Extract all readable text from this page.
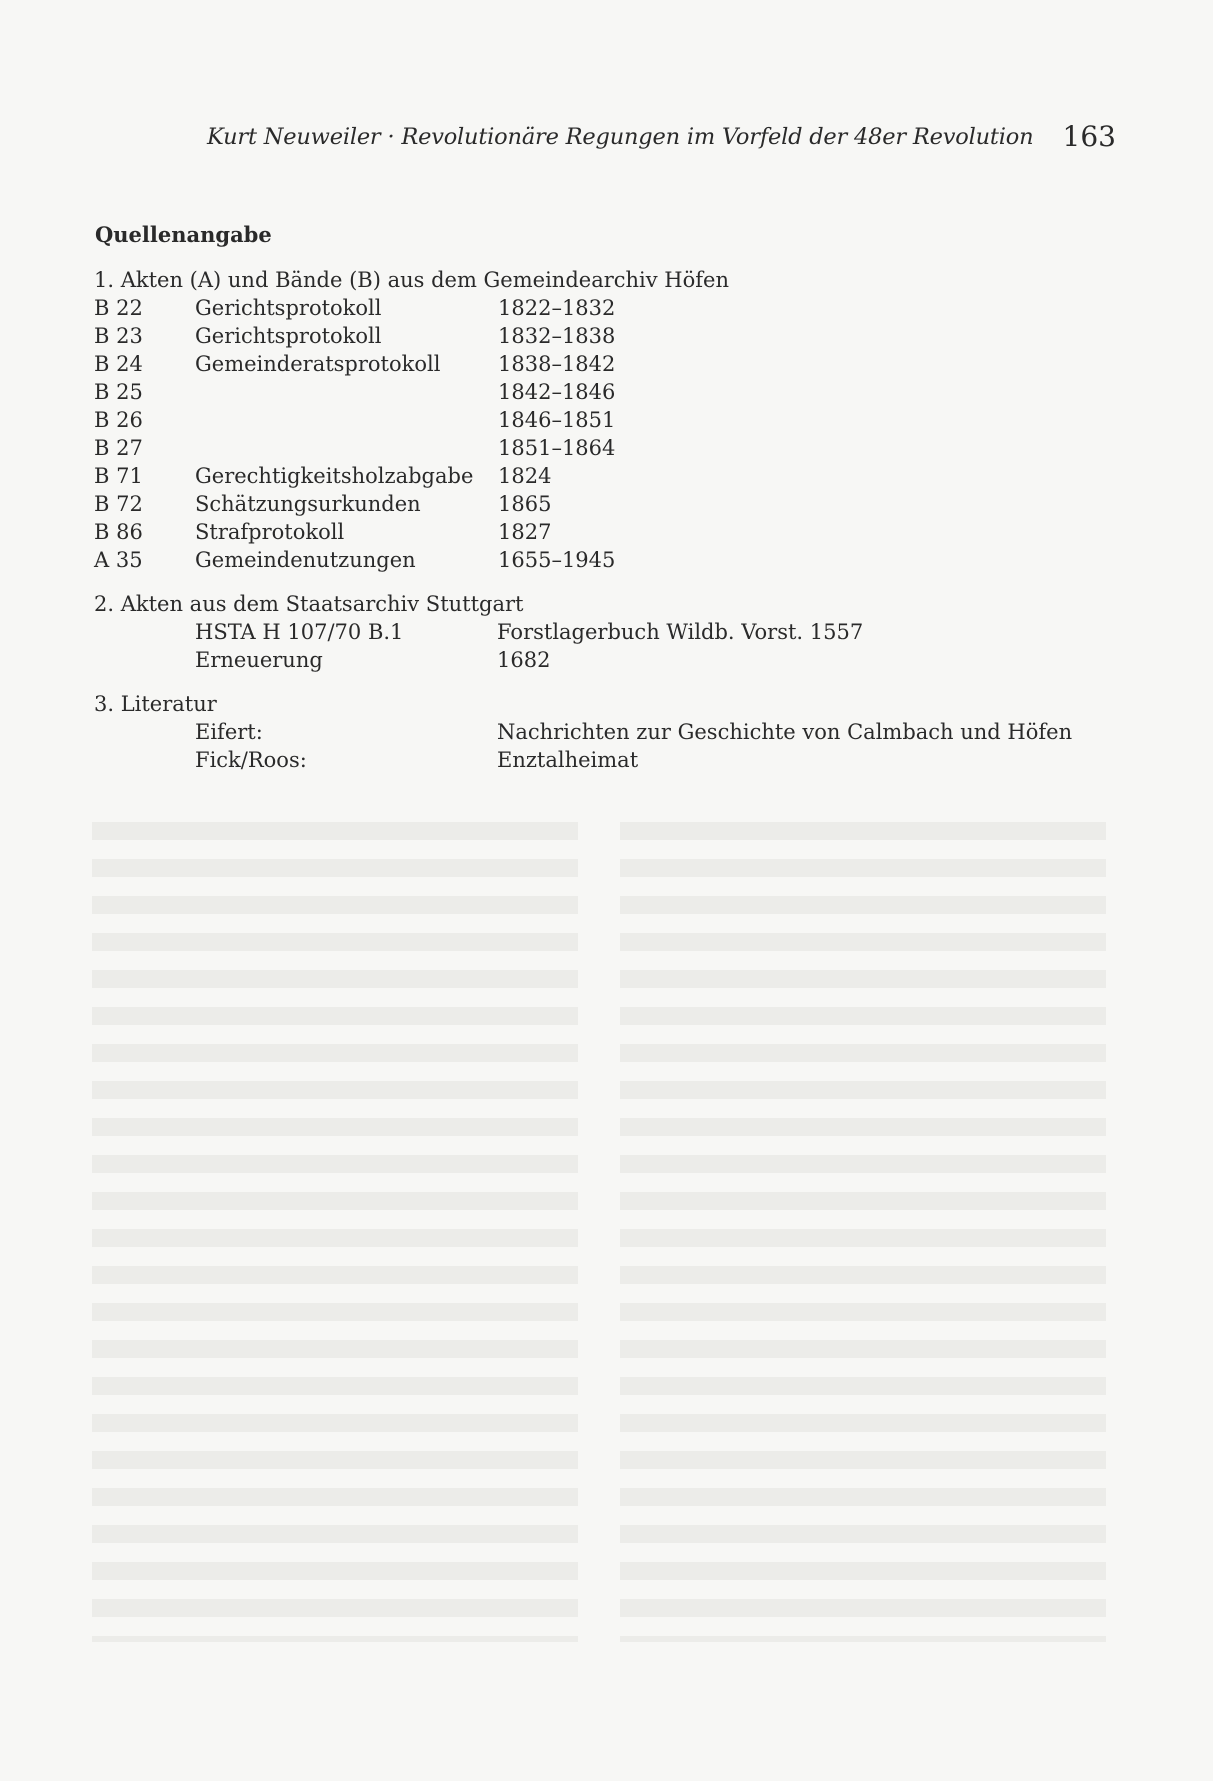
Kurt Neuweiler · Revolutionäre Regungen im Vorfeld der 48er Revolution 163
Quellenangabe
1. Akten (A) und Bände (B) aus dem Gemeindearchiv Höfen
B 22 Gerichtsprotokoll	1822–1832
B 23 Gerichtsprotokoll	1832–1838
B 24 Gemeinderatsprotokoll	1838–1842
B 25	1842–1846
B 26	1846–1851
B 27	1851–1864
B 71 Gerechtigkeitsholzabgabe 1824
B 72 Schätzungsurkunden	1865
B 86 Strafprotokoll	1827
A 35 Gemeindenutzungen	1655–1945
2. Akten aus dem Staatsarchiv Stuttgart
HSTA H 107/70 B.1	Forstlagerbuch Wildb. Vorst. 1557
Erneuerung	1682
3. Literatur
Eifert:	Nachrichten zur Geschichte von Calmbach und Höfen
Fick/Roos:	Enztalheimat
